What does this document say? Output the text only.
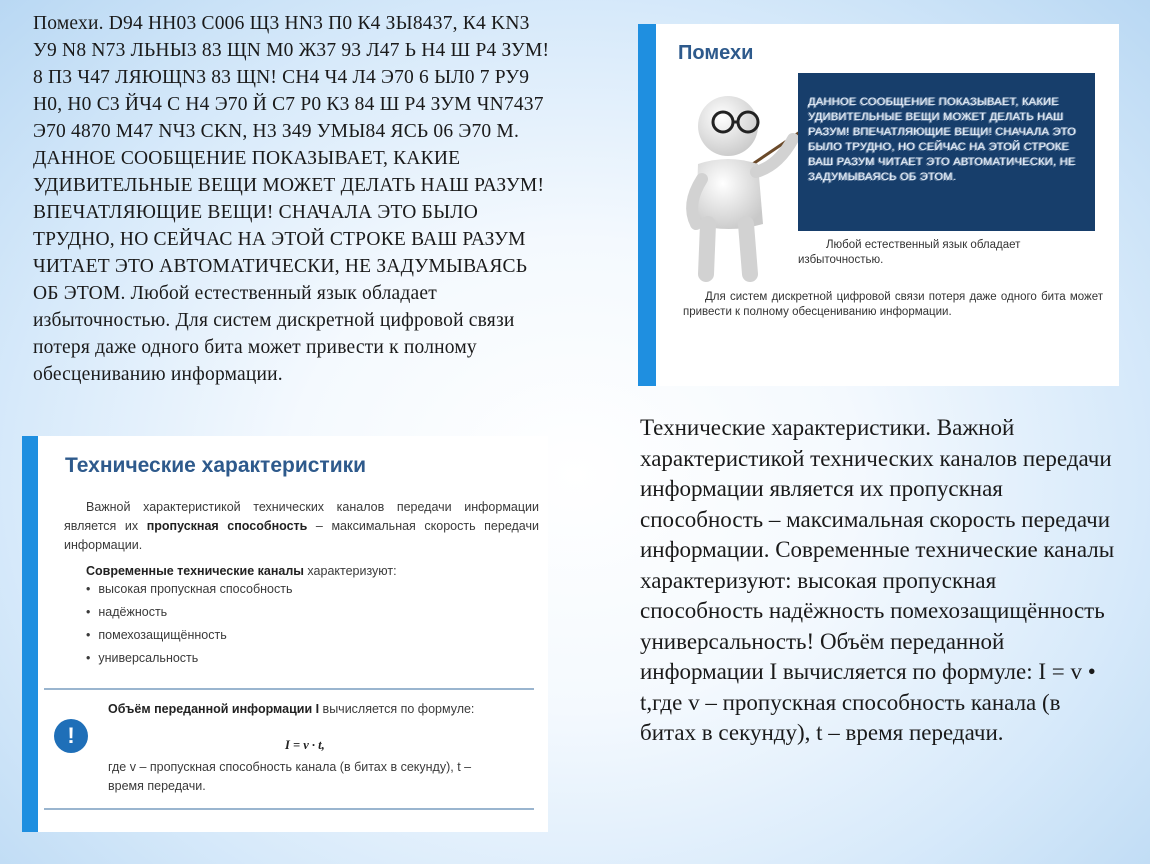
Помехи. D94 HH03 C006 Щ3 HN3 П0 К4 ЗЫ8437, К4 KN3 У9 N8 N73 ЛЬНЫ3 83 ЩN M0 Ж37 93 Л47 Ь Н4 Ш Р4 ЗУМ! 8 П3 Ч47 ЛЯЮЩN3 83 ЩN! СН4 Ч4 Л4 Э70 6 ЫЛ0 7 РУ9 Н0, Н0 С3 ЙЧ4 С Н4 Э70 Й С7 Р0 К3 84 Ш Р4 ЗУМ ЧN7437 Э70 4870 М47 NЧ3 CKN, Н3 З49 УМЫ84 ЯСЬ 06 Э70 М. ДАННОЕ СООБЩЕНИЕ ПОКАЗЫВАЕТ, КАКИЕ УДИВИТЕЛЬНЫЕ ВЕЩИ МОЖЕТ ДЕЛАТЬ НАШ РАЗУМ! ВПЕЧАТЛЯЮЩИЕ ВЕЩИ! СНАЧАЛА ЭТО БЫЛО ТРУДНО, НО СЕЙЧАС НА ЭТОЙ СТРОКЕ ВАШ РАЗУМ ЧИТАЕТ ЭТО АВТОМАТИЧЕСКИ, НЕ ЗАДУМЫВАЯСЬ ОБ ЭТОМ. Любой естественный язык обладает избыточностью. Для систем дискретной цифровой связи потеря даже одного бита может привести к полному обесцениванию информации.
Помехи
ДАННОЕ СООБЩЕНИЕ ПОКАЗЫВАЕТ, КАКИЕ УДИВИТЕЛЬНЫЕ ВЕЩИ МОЖЕТ ДЕЛАТЬ НАШ РАЗУМ! ВПЕЧАТЛЯЮЩИЕ ВЕЩИ! СНАЧАЛА ЭТО БЫЛО ТРУДНО, НО СЕЙЧАС НА ЭТОЙ СТРОКЕ ВАШ РАЗУМ ЧИТАЕТ ЭТО АВТОМАТИЧЕСКИ, НЕ ЗАДУМЫВАЯСЬ ОБ ЭТОМ.
Любой естественный язык обладает избыточностью.
Для систем дискретной цифровой связи потеря даже одного бита может привести к полному обесцениванию информации.
Технические характеристики
Важной характеристикой технических каналов передачи информации является их пропускная способность – максимальная скорость передачи информации.
Современные технические каналы характеризуют:
• высокая пропускная способность
• надёжность
• помехозащищённость
• универсальность
!
Объём переданной информации I вычисляется по формуле:
I = v · t,
где v – пропускная способность канала (в битах в секунду), t – время передачи.
Технические характеристики. Важной характеристикой технических каналов передачи информации является их пропускная способность – максимальная скорость передачи информации. Современные технические каналы характеризуют: высокая пропускная способность надёжность помехозащищённость универсальность! Объём переданной информации I вычисляется по формуле: I = v • t,где v – пропускная способность канала (в битах в секунду), t – время передачи.
